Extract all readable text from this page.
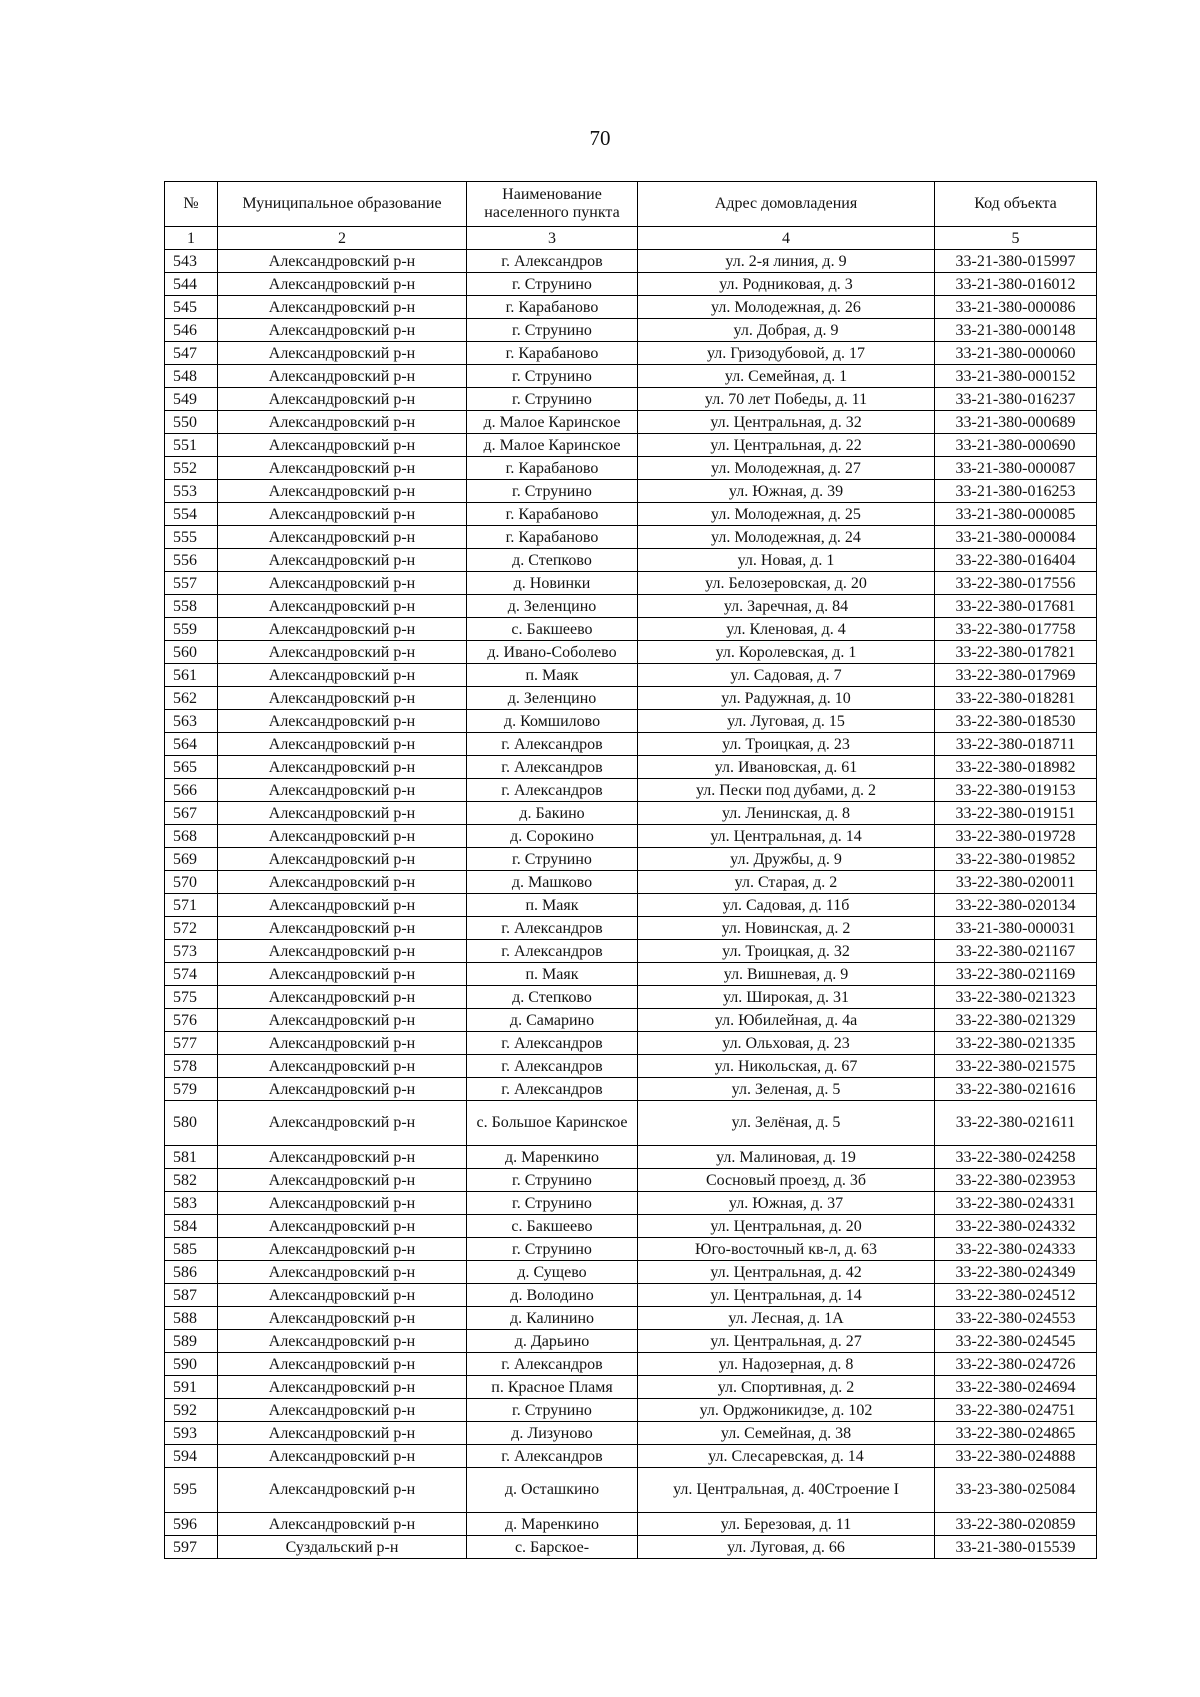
70
№	Муниципальное образование	Наименование населенного пункта	Адрес домовладения	Код объекта
1	2	3	4	5
543	Александровский р-н	г. Александров	ул. 2-я линия, д. 9	33-21-380-015997
544	Александровский р-н	г. Струнино	ул. Родниковая, д. 3	33-21-380-016012
545	Александровский р-н	г. Карабаново	ул. Молодежная, д. 26	33-21-380-000086
546	Александровский р-н	г. Струнино	ул. Добрая, д. 9	33-21-380-000148
547	Александровский р-н	г. Карабаново	ул. Гризодубовой, д. 17	33-21-380-000060
548	Александровский р-н	г. Струнино	ул. Семейная, д. 1	33-21-380-000152
549	Александровский р-н	г. Струнино	ул. 70 лет Победы, д. 11	33-21-380-016237
550	Александровский р-н	д. Малое Каринское	ул. Центральная, д. 32	33-21-380-000689
551	Александровский р-н	д. Малое Каринское	ул. Центральная, д. 22	33-21-380-000690
552	Александровский р-н	г. Карабаново	ул. Молодежная, д. 27	33-21-380-000087
553	Александровский р-н	г. Струнино	ул. Южная, д. 39	33-21-380-016253
554	Александровский р-н	г. Карабаново	ул. Молодежная, д. 25	33-21-380-000085
555	Александровский р-н	г. Карабаново	ул. Молодежная, д. 24	33-21-380-000084
556	Александровский р-н	д. Степково	ул. Новая, д. 1	33-22-380-016404
557	Александровский р-н	д. Новинки	ул. Белозеровская, д. 20	33-22-380-017556
558	Александровский р-н	д. Зеленцино	ул. Заречная, д. 84	33-22-380-017681
559	Александровский р-н	с. Бакшеево	ул. Кленовая, д. 4	33-22-380-017758
560	Александровский р-н	д. Ивано-Соболево	ул. Королевская, д. 1	33-22-380-017821
561	Александровский р-н	п. Маяк	ул. Садовая, д. 7	33-22-380-017969
562	Александровский р-н	д. Зеленцино	ул. Радужная, д. 10	33-22-380-018281
563	Александровский р-н	д. Комшилово	ул. Луговая, д. 15	33-22-380-018530
564	Александровский р-н	г. Александров	ул. Троицкая, д. 23	33-22-380-018711
565	Александровский р-н	г. Александров	ул. Ивановская, д. 61	33-22-380-018982
566	Александровский р-н	г. Александров	ул. Пески под дубами, д. 2	33-22-380-019153
567	Александровский р-н	д. Бакино	ул. Ленинская, д. 8	33-22-380-019151
568	Александровский р-н	д. Сорокино	ул. Центральная, д. 14	33-22-380-019728
569	Александровский р-н	г. Струнино	ул. Дружбы, д. 9	33-22-380-019852
570	Александровский р-н	д. Машково	ул. Старая, д. 2	33-22-380-020011
571	Александровский р-н	п. Маяк	ул. Садовая, д. 11б	33-22-380-020134
572	Александровский р-н	г. Александров	ул. Новинская, д. 2	33-21-380-000031
573	Александровский р-н	г. Александров	ул. Троицкая, д. 32	33-22-380-021167
574	Александровский р-н	п. Маяк	ул. Вишневая, д. 9	33-22-380-021169
575	Александровский р-н	д. Степково	ул. Широкая, д. 31	33-22-380-021323
576	Александровский р-н	д. Самарино	ул. Юбилейная, д. 4а	33-22-380-021329
577	Александровский р-н	г. Александров	ул. Ольховая, д. 23	33-22-380-021335
578	Александровский р-н	г. Александров	ул. Никольская, д. 67	33-22-380-021575
579	Александровский р-н	г. Александров	ул. Зеленая, д. 5	33-22-380-021616
580	Александровский р-н	с. Большое Каринское	ул. Зелёная, д. 5	33-22-380-021611
581	Александровский р-н	д. Маренкино	ул. Малиновая, д. 19	33-22-380-024258
582	Александровский р-н	г. Струнино	Сосновый проезд, д. 3б	33-22-380-023953
583	Александровский р-н	г. Струнино	ул. Южная, д. 37	33-22-380-024331
584	Александровский р-н	с. Бакшеево	ул. Центральная, д. 20	33-22-380-024332
585	Александровский р-н	г. Струнино	Юго-восточный кв-л, д. 63	33-22-380-024333
586	Александровский р-н	д. Сущево	ул. Центральная, д. 42	33-22-380-024349
587	Александровский р-н	д. Володино	ул. Центральная, д. 14	33-22-380-024512
588	Александровский р-н	д. Калинино	ул. Лесная, д. 1А	33-22-380-024553
589	Александровский р-н	д. Дарьино	ул. Центральная, д. 27	33-22-380-024545
590	Александровский р-н	г. Александров	ул. Надозерная, д. 8	33-22-380-024726
591	Александровский р-н	п. Красное Пламя	ул. Спортивная, д. 2	33-22-380-024694
592	Александровский р-н	г. Струнино	ул. Орджоникидзе, д. 102	33-22-380-024751
593	Александровский р-н	д. Лизуново	ул. Семейная, д. 38	33-22-380-024865
594	Александровский р-н	г. Александров	ул. Слесаревская, д. 14	33-22-380-024888
595	Александровский р-н	д. Осташкино	ул. Центральная, д. 40Строение I	33-23-380-025084
596	Александровский р-н	д. Маренкино	ул. Березовая, д. 11	33-22-380-020859
597	Суздальский р-н	с. Барское-	ул. Луговая, д. 66	33-21-380-015539
